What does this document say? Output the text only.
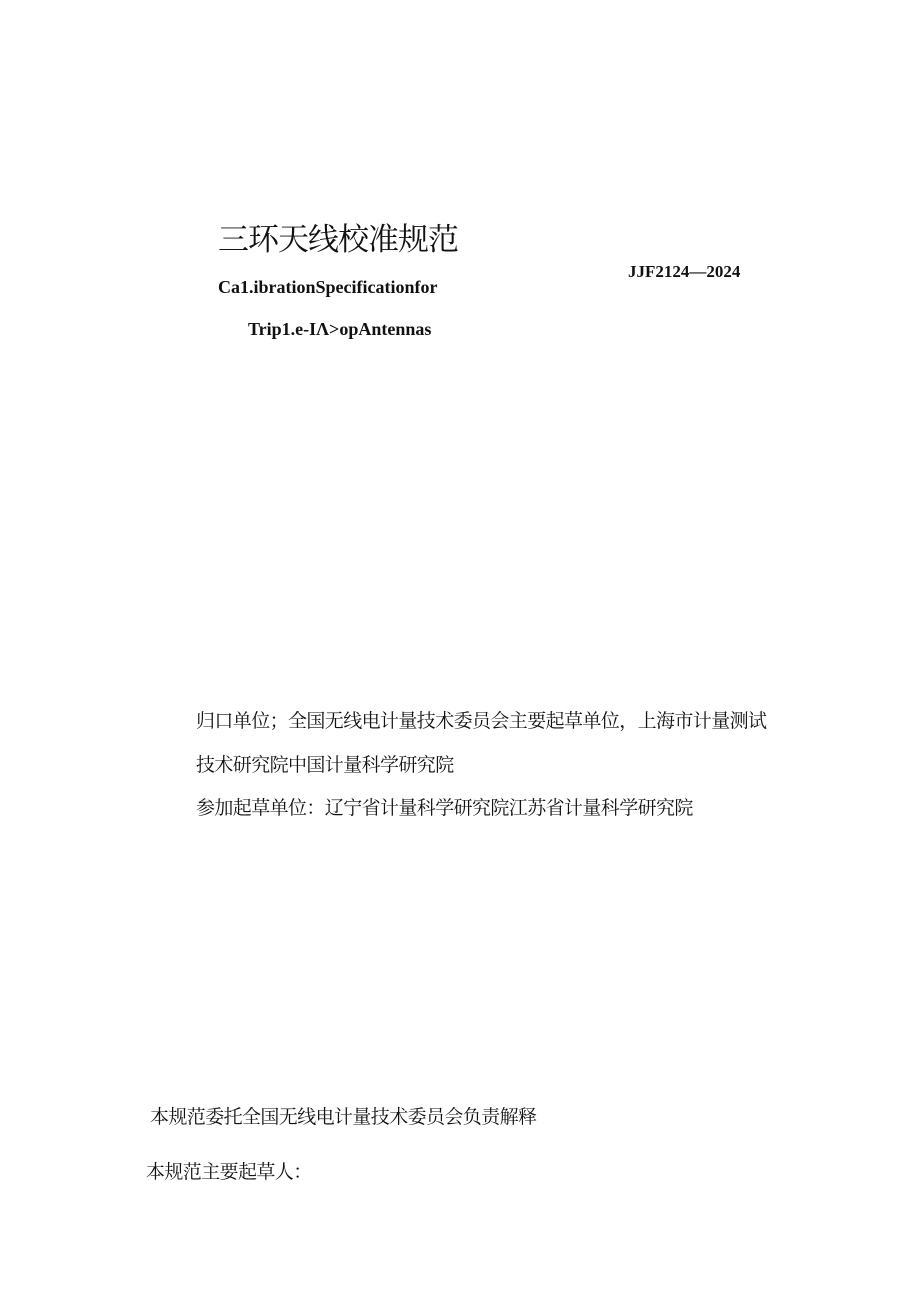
三环天线校准规范
JJF2124—2024
Ca1.ibrationSpecificationfor
Trip1.e-IΛ>opAntennas
归口单位；全国无线电计量技术委员会主要起草单位，上海市计量测试
技术研究院中国计量科学研究院
参加起草单位：辽宁省计量科学研究院江苏省计量科学研究院
本规范委托全国无线电计量技术委员会负责解释
本规范主要起草人：
